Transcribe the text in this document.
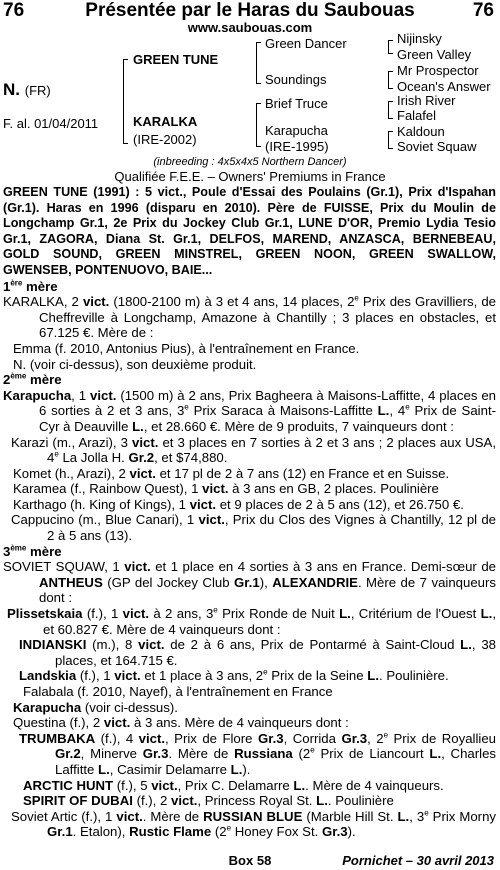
76	Présentée par le Haras du Saubouas	76
www.saubouas.com
N. (FR)
F. al. 01/04/2011
GREEN TUNE
KARALKA
(IRE-2002)
Green Dancer
Soundings
Brief Truce
Karapucha
(IRE-1995)
Nijinsky
Green Valley
Mr Prospector
Ocean's Answer
Irish River
Falafel
Kaldoun
Soviet Squaw
(inbreeding : 4x5x4x5 Northern Dancer)
Qualifiée F.E.E. – Owners' Premiums in France

GREEN TUNE (1991) : 5 vict., Poule d'Essai des Poulains (Gr.1), Prix d'Ispahan (Gr.1). Haras en 1996 (disparu en 2010). Père de FUISSE, Prix du Moulin de Longchamp Gr.1, 2e Prix du Jockey Club Gr.1, LUNE D'OR, Premio Lydia Tesio Gr.1, ZAGORA, Diana St. Gr.1, DELFOS, MAREND, ANZASCA, BERNEBEAU, GOLD SOUND, GREEN MINSTREL, GREEN NOON, GREEN SWALLOW, GWENSEB, PONTENUOVO, BAIE...

1ère mère

KARALKA, 2 vict. (1800-2100 m) à 3 et 4 ans, 14 places, 2e Prix des Gravilliers, de Cheffreville à Longchamp, Amazone à Chantilly ; 3 places en obstacles, et 67.125 €. Mère de :

Emma (f. 2010, Antonius Pius), à l'entraînement en France.

N. (voir ci-dessus), son deuxième produit.

2ème mère

Karapucha, 1 vict. (1500 m) à 2 ans, Prix Bagheera à Maisons-Laffitte, 4 places en 6 sorties à 2 et 3 ans, 3e Prix Saraca à Maisons-Laffitte L., 4e Prix de Saint-Cyr à Deauville L., et 28.660 €. Mère de 9 produits, 7 vainqueurs dont :

Karazi (m., Arazi), 3 vict. et 3 places en 7 sorties à 2 et 3 ans ; 2 places aux USA, 4e La Jolla H. Gr.2, et $74,880.

Komet (h., Arazi), 2 vict. et 17 pl de 2 à 7 ans (12) en France et en Suisse.

Karamea (f., Rainbow Quest), 1 vict. à 3 ans en GB, 2 places. Poulinière

Karthago (h. King of Kings), 1 vict. et 9 places de 2 à 5 ans (12), et 26.750 €.

Cappucino (m., Blue Canari), 1 vict., Prix du Clos des Vignes à Chantilly, 12 pl de 2 à 5 ans (13).

3ème mère

SOVIET SQUAW, 1 vict. et 1 place en 4 sorties à 3 ans en France. Demi-sœur de ANTHEUS (GP del Jockey Club Gr.1), ALEXANDRIE. Mère de 7 vainqueurs dont :

Plissetskaia (f.), 1 vict. à 2 ans, 3e Prix Ronde de Nuit L., Critérium de l'Ouest L., et 60.827 €. Mère de 4 vainqueurs dont :

INDIANSKI (m.), 8 vict. de 2 à 6 ans, Prix de Pontarmé à Saint-Cloud L., 38 places, et 164.715 €.

Landskia (f.), 1 vict. et 1 place à 3 ans, 2e Prix de la Seine L.. Poulinière.

Falabala (f. 2010, Nayef), à l'entraînement en France

Karapucha (voir ci-dessus).

Questina (f.), 2 vict. à 3 ans. Mère de 4 vainqueurs dont :

TRUMBAKA (f.), 4 vict., Prix de Flore Gr.3, Corrida Gr.3, 2e Prix de Royallieu Gr.2, Minerve Gr.3. Mère de Russiana (2e Prix de Liancourt L., Charles Laffitte L., Casimir Delamarre L.).

ARCTIC HUNT (f.), 5 vict., Prix C. Delamarre L.. Mère de 4 vainqueurs.

SPIRIT OF DUBAI (f.), 2 vict., Princess Royal St. L.. Poulinière

Soviet Artic (f.), 1 vict.. Mère de RUSSIAN BLUE (Marble Hill St. L., 3e Prix Morny Gr.1. Etalon), Rustic Flame (2e Honey Fox St. Gr.3).

Box 58	Pornichet – 30 avril 2013
